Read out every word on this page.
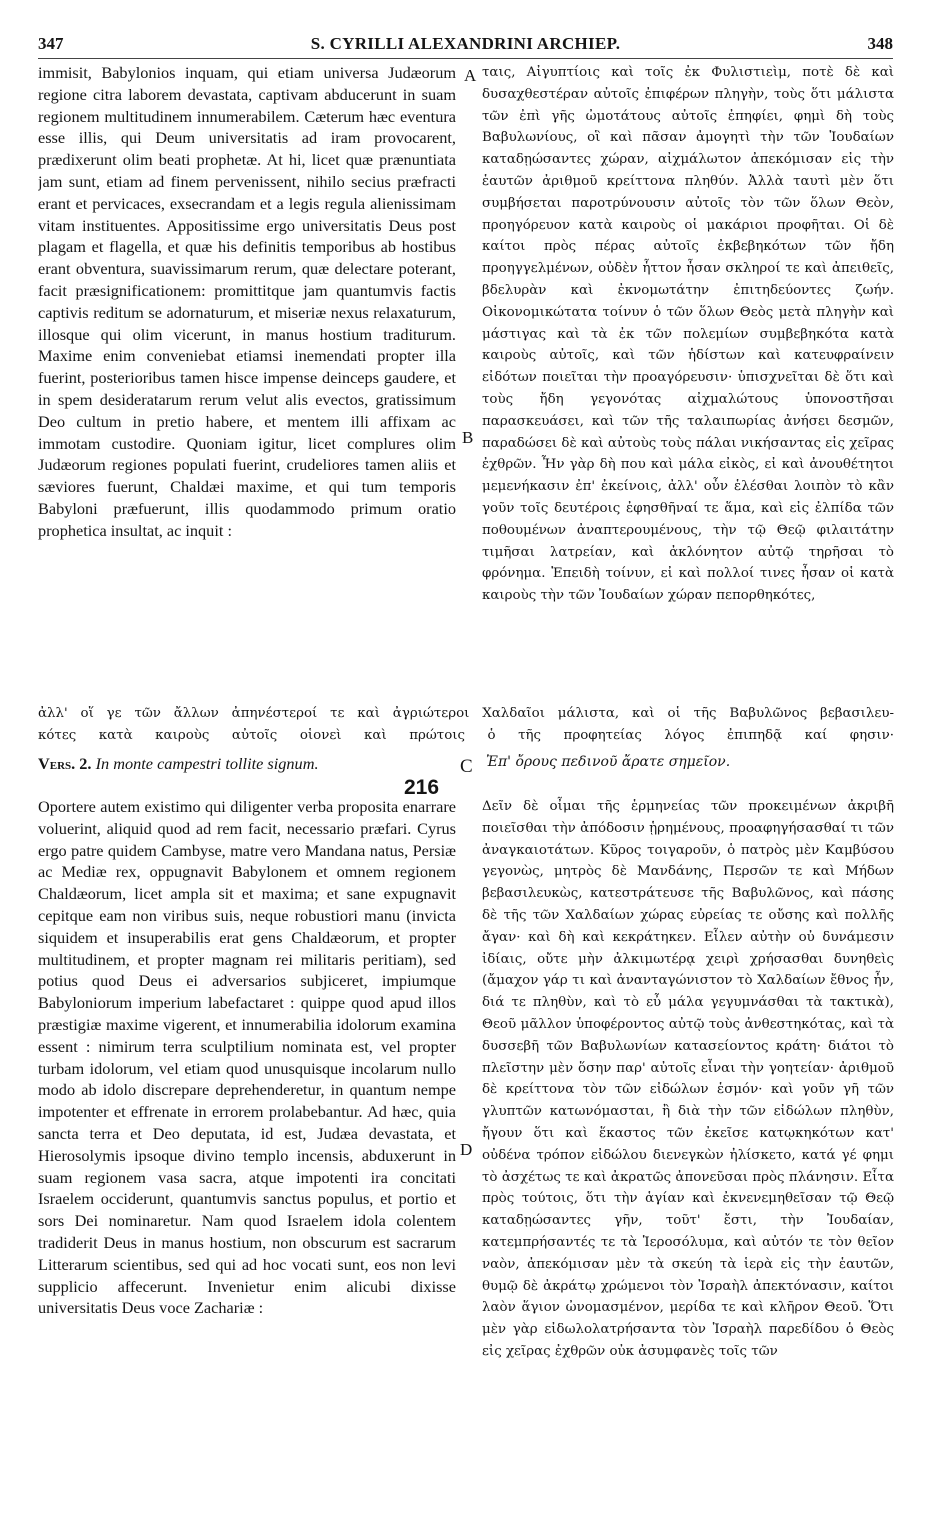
347	S. CYRILLI ALEXANDRINI ARCHIEP.	348
immisit, Babylonios inquam, qui etiam universa Judæorum regione citra laborem devastata, captivam abducerunt in suam regionem multitudinem innumerabilem. Cæterum hæc eventura esse illis, qui Deum universitatis ad iram provocarent, prædixerunt olim beati prophetæ. At hi, licet quæ prænuntiata jam sunt, etiam ad finem pervenissent, nihilo secius præfracti erant et pervicaces, exsecrandam et a legis regula alienissimam vitam instituentes. Appositissime ergo universitatis Deus post plagam et flagella, et quæ his definitis temporibus ab hostibus erant obventura, suavissimarum rerum, quæ delectare poterant, facit præsignificationem: promittitque jam quantumvis factis captivis reditum se adornaturum, et miseriæ nexus relaxaturum, illosque qui olim vicerunt, in manus hostium traditurum. Maxime enim conveniebat etiamsi inemendati propter illa fuerint, posterioribus tamen hisce impense deinceps gaudere, et in spem desideratarum rerum velut alis evectos, gratissimum Deo cultum in pretio habere, et mentem illi affixam ac immotam custodire. Quoniam igitur, licet complures olim Judæorum regiones populati fuerint, crudeliores tamen aliis et sæviores fuerunt, Chaldæi maxime, et qui tum temporis Babyloni præfuerunt, illis quodammodo primum oratio prophetica insultat, ac inquit :
ταις, Αἰγυπτίοις καὶ τοῖς ἐκ Φυλιστιεὶμ, ποτὲ δὲ καὶ δυσαχθεστέραν αὐτοῖς ἐπιφέρων πληγὴν, τοὺς ὅτι μάλιστα τῶν ἐπὶ γῆς ὠμοτάτους αὐτοῖς ἐπηφίει, φημὶ δὴ τοὺς Βαβυλωνίους, οἳ καὶ πᾶσαν ἀμογητὶ τὴν τῶν Ἰουδαίων καταδῃώσαντες χώραν, αἰχμάλωτον ἀπεκόμισαν εἰς τὴν ἑαυτῶν ἀριθμοῦ κρείττονα πληθύν. Ἀλλὰ ταυτὶ μὲν ὅτι συμβήσεται παροτρύνουσιν αὐτοῖς τὸν τῶν ὅλων Θεὸν, προηγόρευον κατὰ καιροὺς οἱ μακάριοι προφῆται. Οἱ δὲ καίτοι πρὸς πέρας αὐτοῖς ἐκβεβηκότων τῶν ἤδη προηγγελμένων, οὐδὲν ἧττον ἦσαν σκληροί τε καὶ ἀπειθεῖς, βδελυρὰν καὶ ἐκνομωτάτην ἐπιτηδεύοντες ζωήν. Οἰκονομικώτατα τοίνυν ὁ τῶν ὅλων Θεὸς μετὰ πληγὴν καὶ μάστιγας καὶ τὰ ἐκ τῶν πολεμίων συμβεβηκότα κατὰ καιροὺς αὐτοῖς, καὶ τῶν ἡδίστων καὶ κατευφραίνειν εἰδότων ποιεῖται τὴν προαγόρευσιν· ὑπισχνεῖται δὲ ὅτι καὶ τοὺς ἤδη γεγονότας αἰχμαλώτους ὑπονοστῆσαι παρασκευάσει, καὶ τῶν τῆς ταλαιπωρίας ἀνήσει δεσμῶν, παραδώσει δὲ καὶ αὐτοὺς τοὺς πάλαι νικήσαντας εἰς χεῖρας ἐχθρῶν. Ἦν γὰρ δὴ που καὶ μάλα εἰκὸς, εἰ καὶ ἀνουθέτητοι μεμενήκασιν ἐπ' ἐκείνοις, ἀλλ' οὖν ἑλέσθαι λοιπὸν τὸ κἂν γοῦν τοῖς δευτέροις ἐφησθῆναί τε ἅμα, καὶ εἰς ἐλπίδα τῶν ποθουμένων ἀναπτερουμένους, τὴν τῷ Θεῷ φιλαιτάτην τιμῆσαι λατρείαν, καὶ ἀκλόνητον αὐτῷ τηρῆσαι τὸ φρόνημα. Ἐπειδὴ τοίνυν, εἰ καὶ πολλοί τινες ἦσαν οἱ κατὰ καιροὺς τὴν τῶν Ἰουδαίων χώραν πεπορθηκότες,
A
B
C
D
ἀλλ' οἵ γε τῶν ἄλλων ἀπηνέστεροί τε καὶ ἀγριώτεροι Χαλδαῖοι μάλιστα, καὶ οἱ τῆς Βαβυλῶνος βεβασιλευ-
κότες κατὰ καιροὺς αὐτοῖς οἱονεὶ καὶ πρώτοις ὁ τῆς προφητείας λόγος ἐπιπηδᾷ καί φησιν·
Vers. 2. In monte campestri tollite signum.	Ἐπ' ὄρους πεδινοῦ ἄρατε σημεῖον.
216
Oportere autem existimo qui diligenter verba proposita enarrare voluerint, aliquid quod ad rem facit, necessario præfari. Cyrus ergo patre quidem Cambyse, matre vero Mandana natus, Persiæ ac Mediæ rex, oppugnavit Babylonem et omnem regionem Chaldæorum, licet ampla sit et maxima; et sane expugnavit cepitque eam non viribus suis, neque robustiori manu (invicta siquidem et insuperabilis erat gens Chaldæorum, et propter multitudinem, et propter magnam rei militaris peritiam), sed potius quod Deus ei adversarios subjiceret, impiumque Babyloniorum imperium labefactaret : quippe quod apud illos præstigiæ maxime vigerent, et innumerabilia idolorum examina essent : nimirum terra sculptilium nominata est, vel propter turbam idolorum, vel etiam quod unusquisque incolarum nullo modo ab idolo discrepare deprehenderetur, in quantum nempe impotenter et effrenate in errorem prolabebantur. Ad hæc, quia sancta terra et Deo deputata, id est, Judæa devastata, et Hierosolymis ipsoque divino templo incensis, abduxerunt in suam regionem vasa sacra, atque impotenti ira concitati Israelem occiderunt, quantumvis sanctus populus, et portio et sors Dei nominaretur. Nam quod Israelem idola colentem tradiderit Deus in manus hostium, non obscurum est sacrarum Litterarum scientibus, sed qui ad hoc vocati sunt, eos non levi supplicio affecerunt. Invenietur enim alicubi dixisse universitatis Deus voce Zachariæ :
Δεῖν δὲ οἶμαι τῆς ἑρμηνείας τῶν προκειμένων ἀκριβῆ ποιεῖσθαι τὴν ἀπόδοσιν ᾑρημένους, προαφηγήσασθαί τι τῶν ἀναγκαιοτάτων. Κῦρος τοιγαροῦν, ὁ πατρὸς μὲν Καμβύσου γεγονὼς, μητρὸς δὲ Μανδάνης, Περσῶν τε καὶ Μήδων βεβασιλευκὼς, κατεστράτευσε τῆς Βαβυλῶνος, καὶ πάσης δὲ τῆς τῶν Χαλδαίων χώρας εὐρείας τε οὔσης καὶ πολλῆς ἄγαν· καὶ δὴ καὶ κεκράτηκεν. Εἷλεν αὐτὴν οὐ δυνάμεσιν ἰδίαις, οὔτε μὴν ἀλκιμωτέρᾳ χειρὶ χρήσασθαι δυνηθεὶς (ἄμαχον γάρ τι καὶ ἀνανταγώνιστον τὸ Χαλδαίων ἔθνος ἦν, διά τε πληθὺν, καὶ τὸ εὖ μάλα γεγυμνάσθαι τὰ τακτικὰ), Θεοῦ μᾶλλον ὑποφέροντος αὐτῷ τοὺς ἀνθεστηκότας, καὶ τὰ δυσσεβῆ τῶν Βαβυλωνίων κατασείοντος κράτη· διάτοι τὸ πλεῖστην μὲν ὅσην παρ' αὐτοῖς εἶναι τὴν γοητείαν· ἀριθμοῦ δὲ κρείττονα τὸν τῶν εἰδώλων ἑσμόν· καὶ γοῦν γῆ τῶν γλυπτῶν κατωνόμασται, ἢ διὰ τὴν τῶν εἰδώλων πληθὺν, ἤγουν ὅτι καὶ ἕκαστος τῶν ἐκεῖσε κατῳκηκότων κατ' οὐδένα τρόπον εἰδώλου διενεγκὼν ἠλίσκετο, κατά γέ φημι τὸ ἀσχέτως τε καὶ ἀκρατῶς ἀπονεῦσαι πρὸς πλάνησιν. Εἶτα πρὸς τούτοις, ὅτι τὴν ἁγίαν καὶ ἐκνενεμηθεῖσαν τῷ Θεῷ καταδῃώσαντες γῆν, τοῦτ' ἔστι, τὴν Ἰουδαίαν, κατεμπρήσαντές τε τὰ Ἱεροσόλυμα, καὶ αὐτόν τε τὸν θεῖον ναὸν, ἀπεκόμισαν μὲν τὰ σκεύη τὰ ἱερὰ εἰς τὴν ἑαυτῶν, θυμῷ δὲ ἀκράτῳ χρώμενοι τὸν Ἰσραὴλ ἀπεκτόνασιν, καίτοι λαὸν ἅγιον ὠνομασμένον, μερίδα τε καὶ κλῆρον Θεοῦ. Ὅτι μὲν γὰρ εἰδωλολατρήσαντα τὸν Ἰσραὴλ παρεδίδου ὁ Θεὸς εἰς χεῖρας ἐχθρῶν οὐκ ἀσυμφανὲς τοῖς τῶν
